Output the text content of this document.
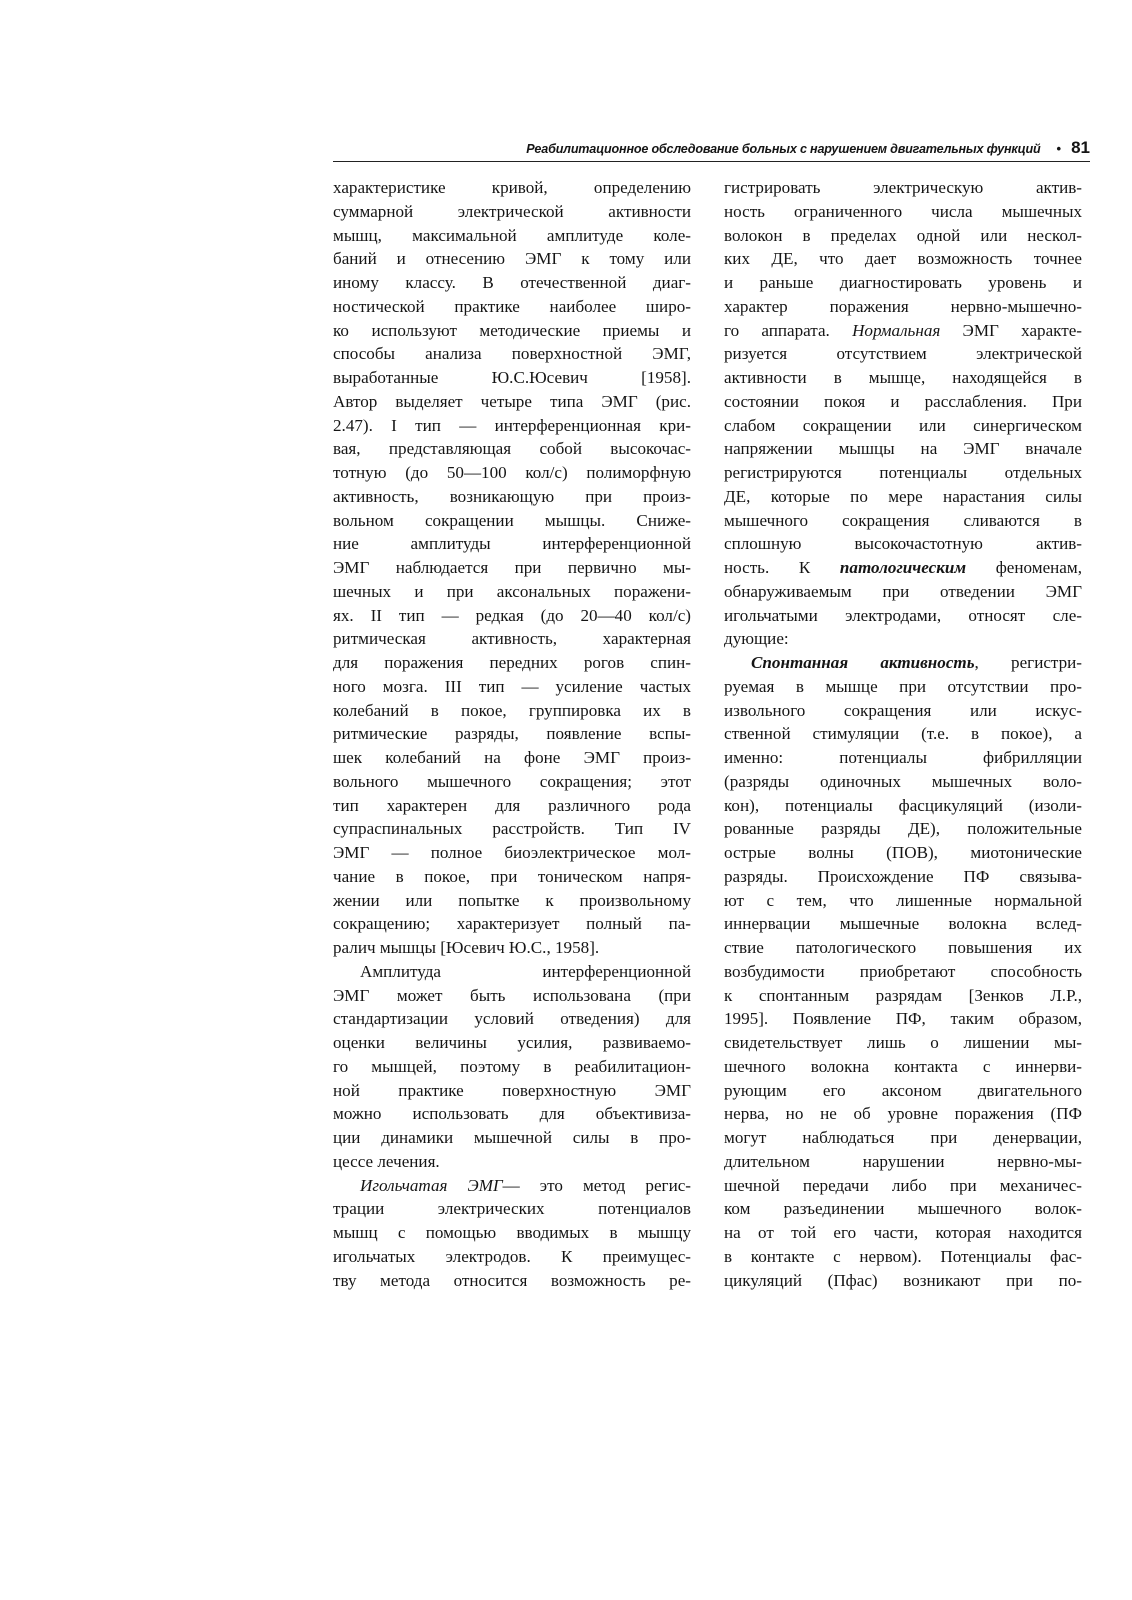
Реабилитационное обследование больных с нарушением двигательных функций • 81
характеристике кривой, определению
суммарной электрической активности
мышц, максимальной амплитуде коле-
баний и отнесению ЭМГ к тому или
иному классу. В отечественной диаг-
ностической практике наиболее широ-
ко используют методические приемы и
способы анализа поверхностной ЭМГ,
выработанные Ю.С.Юсевич [1958].
Автор выделяет четыре типа ЭМГ (рис.
2.47). I тип — интерференционная кри-
вая, представляющая собой высокочас-
тотную (до 50—100 кол/с) полиморфную
активность, возникающую при произ-
вольном сокращении мышцы. Сниже-
ние амплитуды интерференционной
ЭМГ наблюдается при первично мы-
шечных и при аксональных поражени-
ях. II тип — редкая (до 20—40 кол/с)
ритмическая активность, характерная
для поражения передних рогов спин-
ного мозга. III тип — усиление частых
колебаний в покое, группировка их в
ритмические разряды, появление вспы-
шек колебаний на фоне ЭМГ произ-
вольного мышечного сокращения; этот
тип характерен для различного рода
супраспинальных расстройств. Тип IV
ЭМГ — полное биоэлектрическое мол-
чание в покое, при тоническом напря-
жении или попытке к произвольному
сокращению; характеризует полный па-
ралич мышцы [Юсевич Ю.С., 1958].
Амплитуда интерференционной
ЭМГ может быть использована (при
стандартизации условий отведения) для
оценки величины усилия, развиваемо-
го мышцей, поэтому в реабилитацион-
ной практике поверхностную ЭМГ
можно использовать для объективиза-
ции динамики мышечной силы в про-
цессе лечения.
Игольчатая ЭМГ— это метод регис-
трации электрических потенциалов
мышц с помощью вводимых в мышцу
игольчатых электродов. К преимущес-
тву метода относится возможность ре-
гистрировать электрическую актив-
ность ограниченного числа мышечных
волокон в пределах одной или нескол-
ких ДЕ, что дает возможность точнее
и раньше диагностировать уровень и
характер поражения нервно-мышечно-
го аппарата. Нормальная ЭМГ характе-
ризуется отсутствием электрической
активности в мышце, находящейся в
состоянии покоя и расслабления. При
слабом сокращении или синергическом
напряжении мышцы на ЭМГ вначале
регистрируются потенциалы отдельных
ДЕ, которые по мере нарастания силы
мышечного сокращения сливаются в
сплошную высокочастотную актив-
ность. К патологическим феноменам,
обнаруживаемым при отведении ЭМГ
игольчатыми электродами, относят сле-
дующие:
Спонтанная активность, регистри-
руемая в мышце при отсутствии про-
извольного сокращения или искус-
ственной стимуляции (т.е. в покое), а
именно: потенциалы фибрилляции
(разряды одиночных мышечных воло-
кон), потенциалы фасцикуляций (изоли-
рованные разряды ДЕ), положительные
острые волны (ПОВ), миотонические
разряды. Происхождение ПФ связыва-
ют с тем, что лишенные нормальной
иннервации мышечные волокна вслед-
ствие патологического повышения их
возбудимости приобретают способность
к спонтанным разрядам [Зенков Л.Р.,
1995]. Появление ПФ, таким образом,
свидетельствует лишь о лишении мы-
шечного волокна контакта с иннерви-
рующим его аксоном двигательного
нерва, но не об уровне поражения (ПФ
могут наблюдаться при денервации,
длительном нарушении нервно-мы-
шечной передачи либо при механичес-
ком разъединении мышечного волок-
на от той его части, которая находится
в контакте с нервом). Потенциалы фас-
цикуляций (Пфас) возникают при по-
